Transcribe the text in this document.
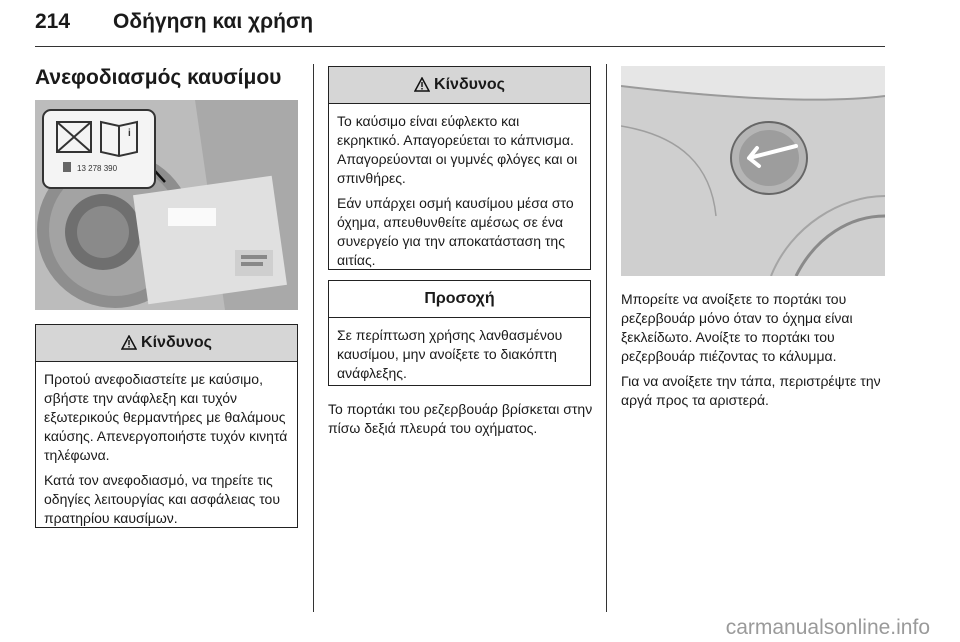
214 Οδήγηση και χρήση
Ανεφοδιασμός καυσίμου
i
13 278 390
Κίνδυνος

Προτού ανεφοδιαστείτε με καύσιμο, σβήστε την ανάφλεξη και τυχόν εξωτερικούς θερμαντήρες με θαλάμους καύσης. Απενεργοποιήστε τυχόν κινητά τηλέφωνα.

Κατά τον ανεφοδιασμό, να τηρείτε τις οδηγίες λειτουργίας και ασφάλειας του πρατηρίου καυσίμων.

Κίνδυνος

Το καύσιμο είναι εύφλεκτο και εκρηκτικό. Απαγορεύεται το κάπνισμα. Απαγορεύονται οι γυμνές φλόγες και οι σπινθήρες.

Εάν υπάρχει οσμή καυσίμου μέσα στο όχημα, απευθυνθείτε αμέσως σε ένα συνεργείο για την αποκατάσταση της αιτίας.

Προσοχή

Σε περίπτωση χρήσης λανθασμένου καυσίμου, μην ανοίξετε το διακόπτη ανάφλεξης.

Το πορτάκι του ρεζερβουάρ βρίσκεται στην πίσω δεξιά πλευρά του οχήματος.

Μπορείτε να ανοίξετε το πορτάκι του ρεζερβουάρ μόνο όταν το όχημα είναι ξεκλείδωτο. Ανοίξτε το πορτάκι του ρεζερβουάρ πιέζοντας το κάλυμμα.

Για να ανοίξετε την τάπα, περιστρέψτε την αργά προς τα αριστερά.

carmanualsonline.info
